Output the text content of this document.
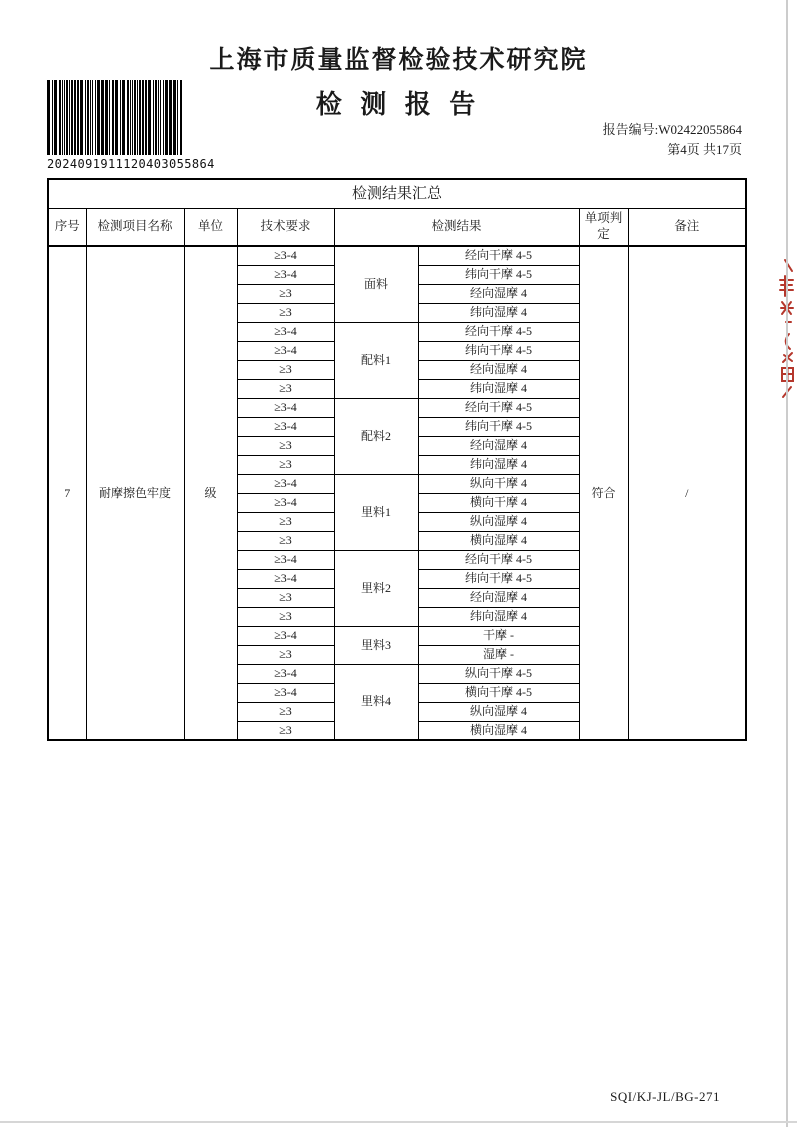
上海市质量监督检验技术研究院
检 测 报 告
2024091911120403055864
报告编号:W02422055864
第4页 共17页
检测结果汇总							
序号	检测项目名称	单位	技术要求	检测结果		单项判定	备注
7	耐摩擦色牢度	级	≥3-4	面料	经向干摩 4-5	符合	/
			≥3-4		纬向干摩 4-5		
			≥3		经向湿摩 4		
			≥3		纬向湿摩 4		
			≥3-4	配料1	经向干摩 4-5		
			≥3-4		纬向干摩 4-5		
			≥3		经向湿摩 4		
			≥3		纬向湿摩 4		
			≥3-4	配料2	经向干摩 4-5		
			≥3-4		纬向干摩 4-5		
			≥3		经向湿摩 4		
			≥3		纬向湿摩 4		
			≥3-4	里料1	纵向干摩 4		
			≥3-4		横向干摩 4		
			≥3		纵向湿摩 4		
			≥3		横向湿摩 4		
			≥3-4	里料2	经向干摩 4-5		
			≥3-4		纬向干摩 4-5		
			≥3		经向湿摩 4		
			≥3		纬向湿摩 4		
			≥3-4	里料3	干摩 -		
			≥3		湿摩 -		
			≥3-4	里料4	纵向干摩 4-5		
			≥3-4		横向干摩 4-5		
			≥3		纵向湿摩 4		
			≥3		横向湿摩 4		
SQI/KJ-JL/BG-271
